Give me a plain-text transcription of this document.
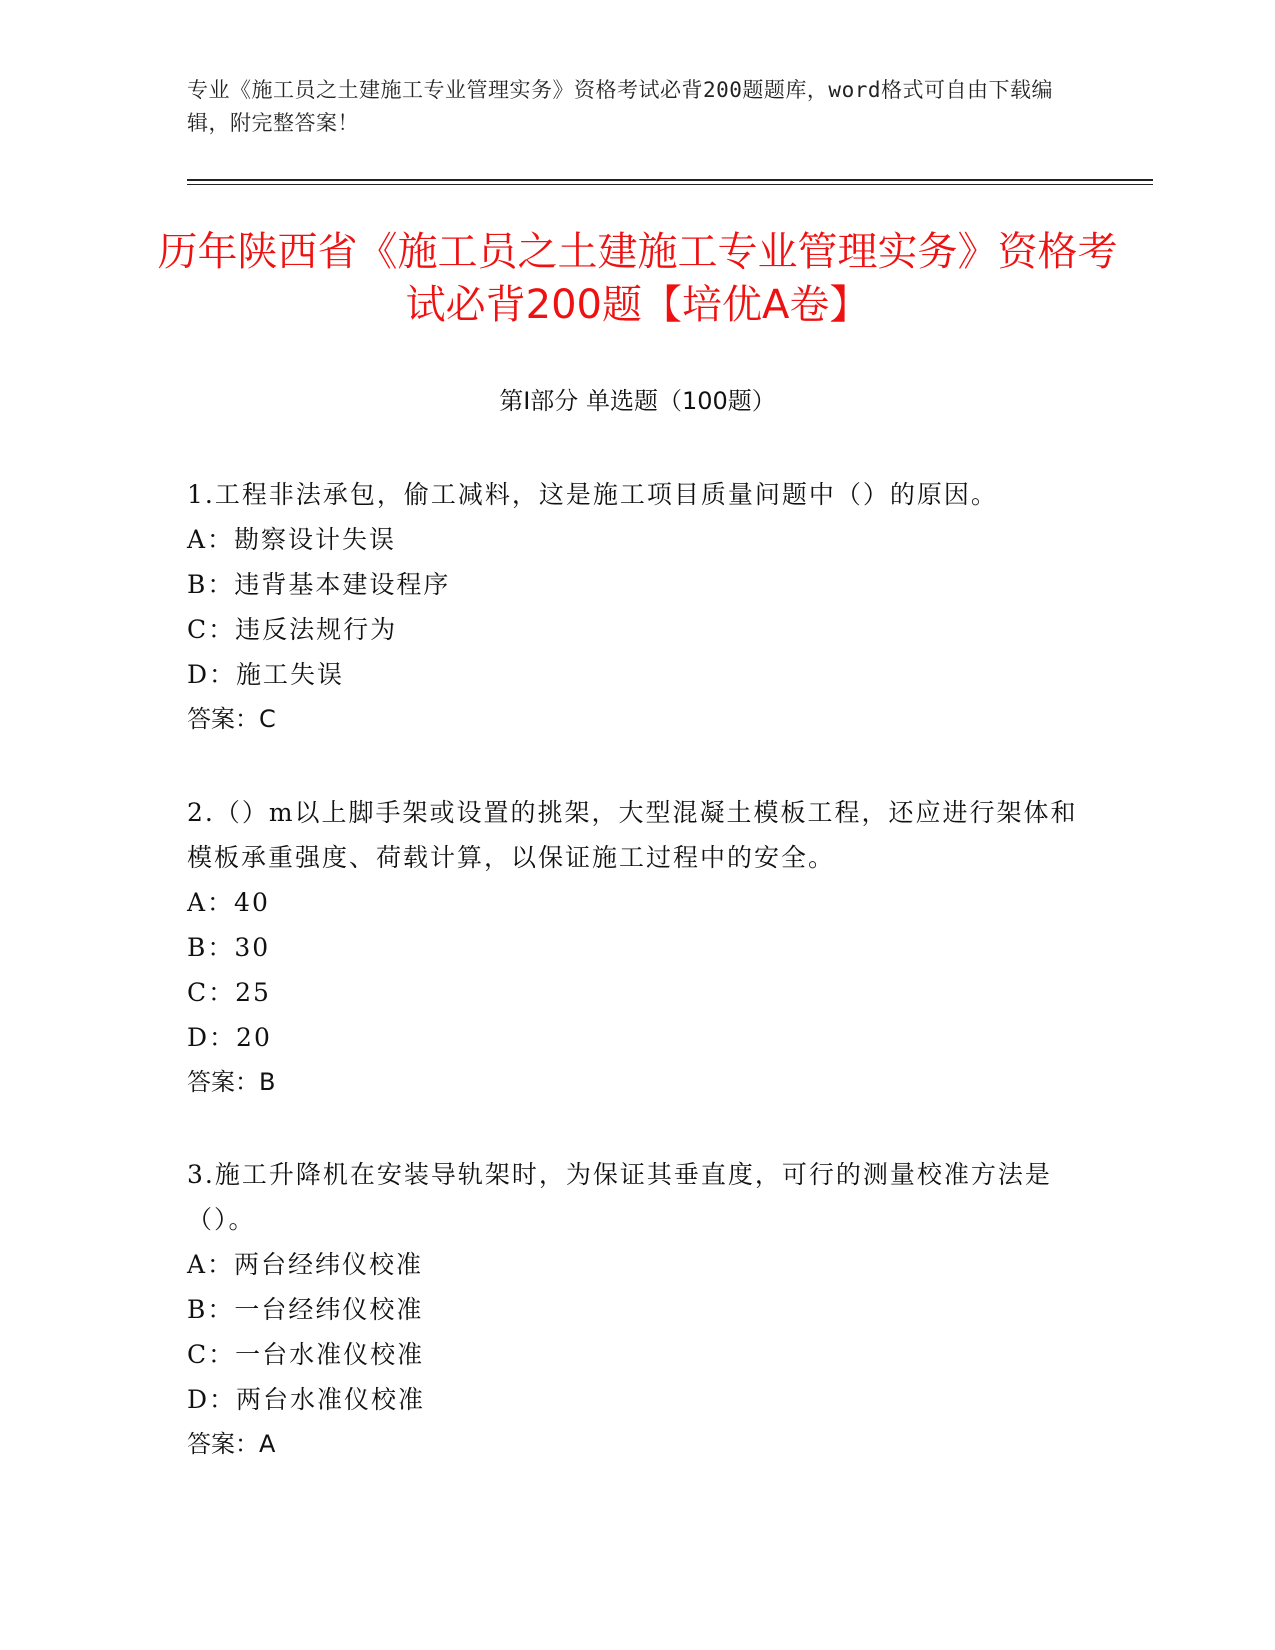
专业《施工员之土建施工专业管理实务》资格考试必背200题题库，word格式可自由下载编辑，附完整答案！
历年陕西省《施工员之土建施工专业管理实务》资格考试必背200题【培优A卷】
第I部分 单选题（100题）
1.工程非法承包，偷工减料，这是施工项目质量问题中（）的原因。
A：勘察设计失误
B：违背基本建设程序
C：违反法规行为
D：施工失误
答案：C
2.（）m以上脚手架或设置的挑架，大型混凝土模板工程，还应进行架体和模板承重强度、荷载计算，以保证施工过程中的安全。
A：40
B：30
C：25
D：20
答案：B
3.施工升降机在安装导轨架时，为保证其垂直度，可行的测量校准方法是（）。
A：两台经纬仪校准
B：一台经纬仪校准
C：一台水准仪校准
D：两台水准仪校准
答案：A
